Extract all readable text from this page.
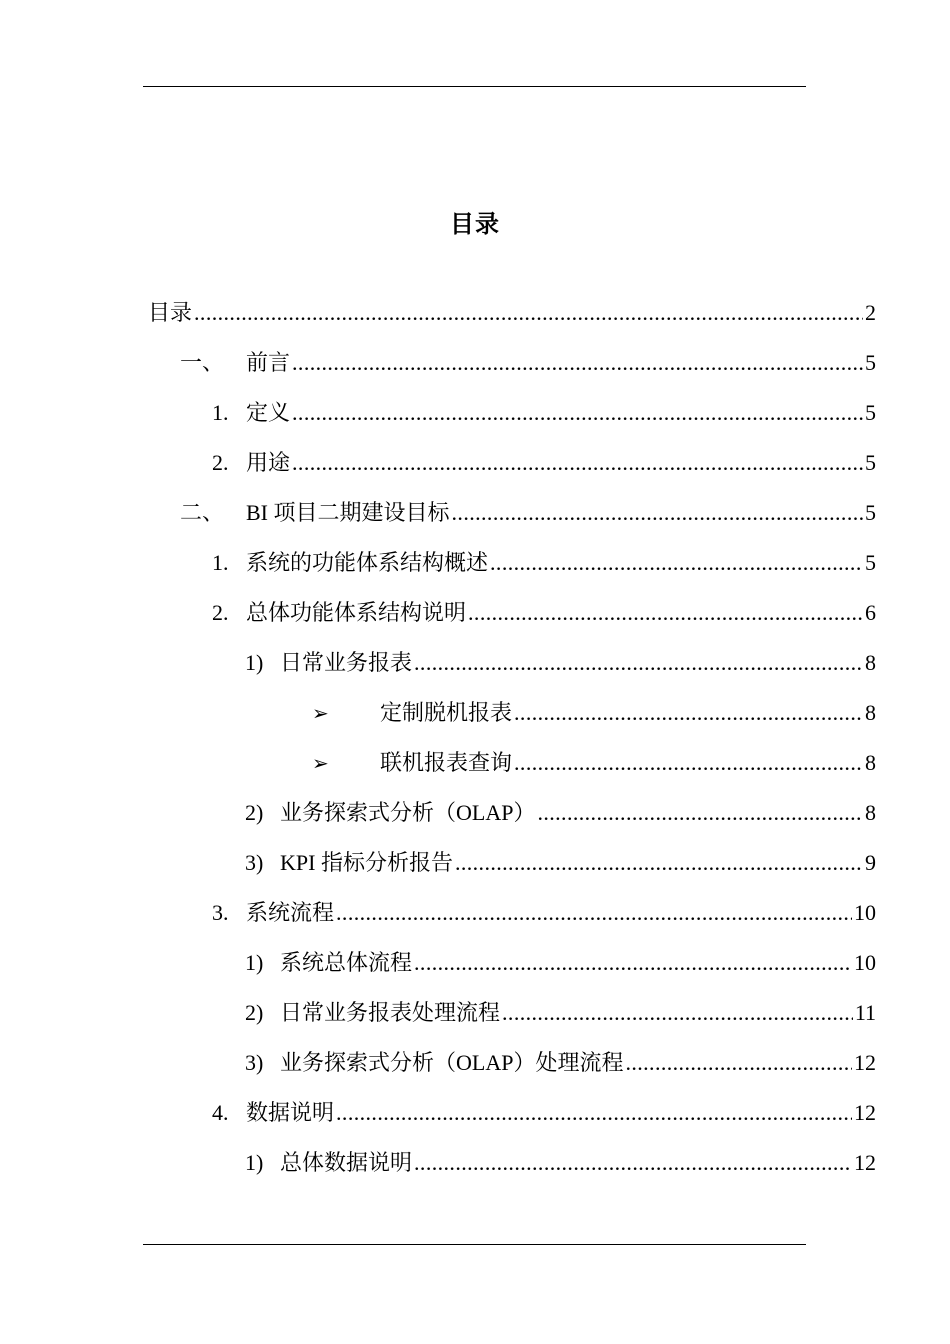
目录
目录 .....	2
一、 前言 .....	5
1. 定义 .....	5
2. 用途 .....	5
二、 BI 项目二期建设目标 .....	5
1. 系统的功能体系结构概述 .....	5
2. 总体功能体系结构说明 .....	6
1) 日常业务报表 .....	8
➢ 定制脱机报表 .....	8
➢ 联机报表查询 .....	8
2) 业务探索式分析（OLAP） .....	8
3) KPI 指标分析报告 .....	9
3. 系统流程 .....	10
1) 系统总体流程 .....	10
2) 日常业务报表处理流程 .....	11
3) 业务探索式分析（OLAP）处理流程 .....	12
4. 数据说明 .....	12
1) 总体数据说明 .....	12
